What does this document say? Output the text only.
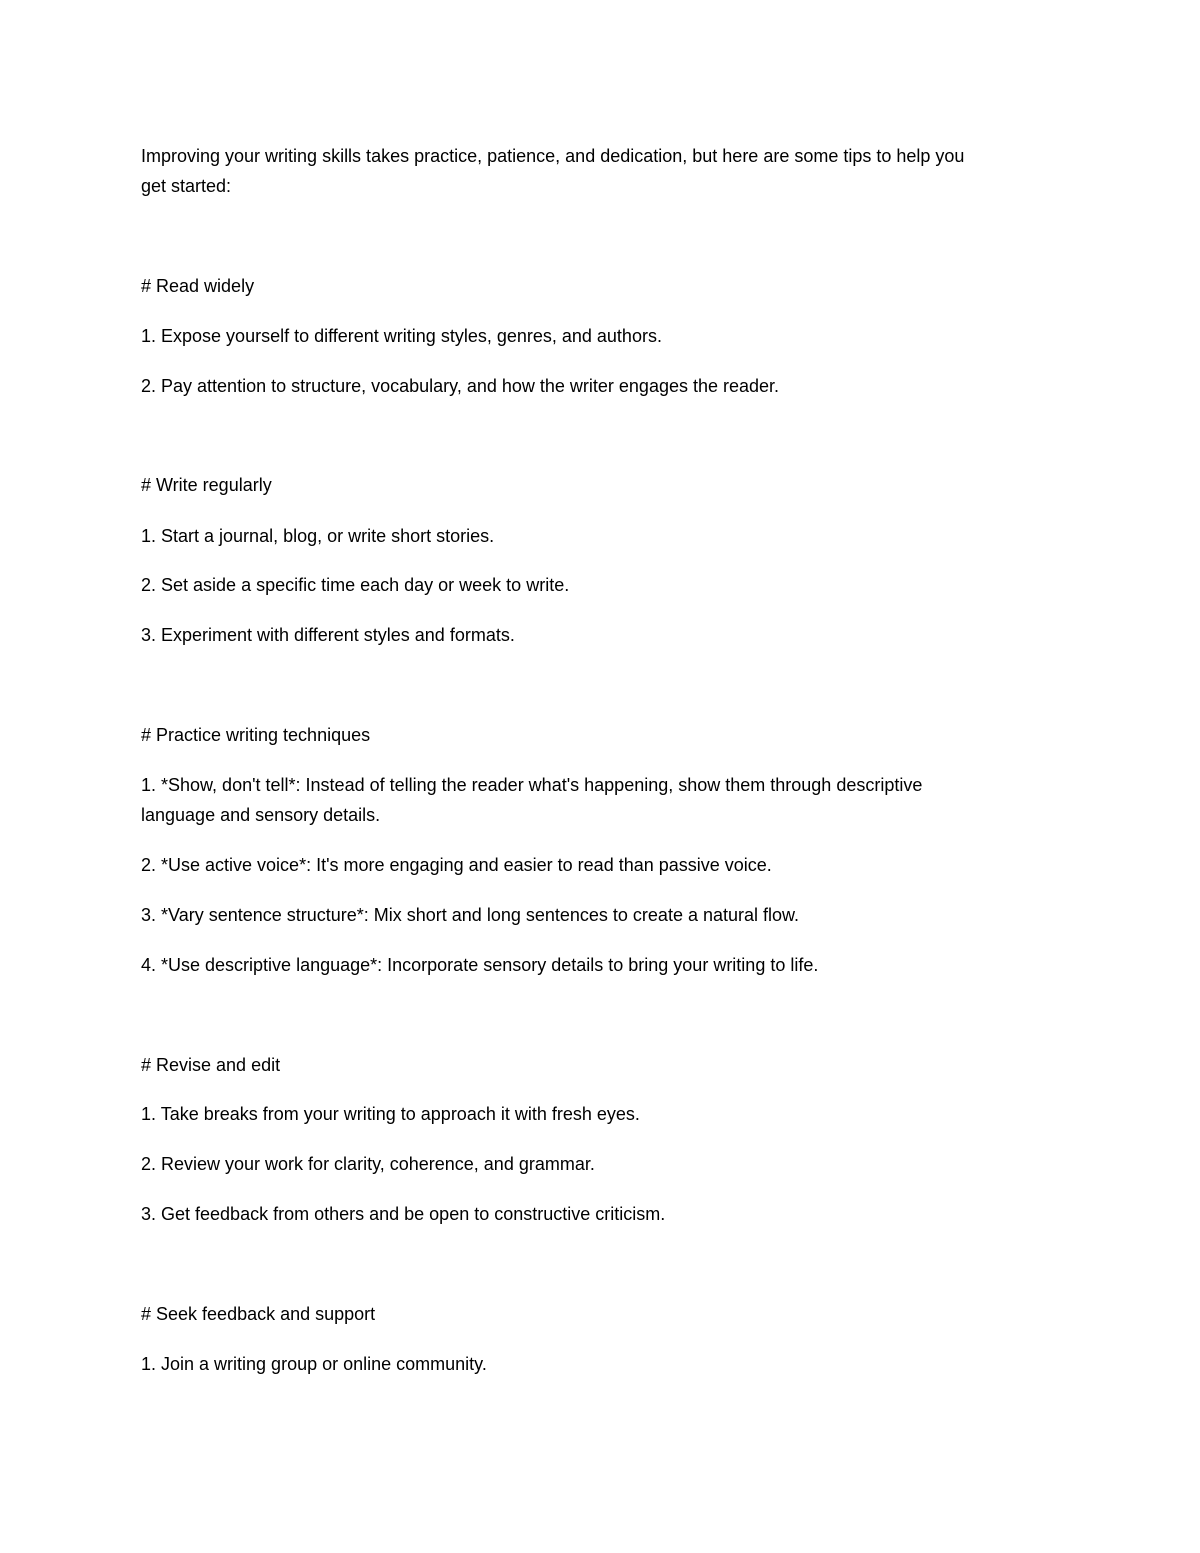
Improving your writing skills takes practice, patience, and dedication, but here are some tips to help you
get started:
# Read widely
1. Expose yourself to different writing styles, genres, and authors.
2. Pay attention to structure, vocabulary, and how the writer engages the reader.
# Write regularly
1. Start a journal, blog, or write short stories.
2. Set aside a specific time each day or week to write.
3. Experiment with different styles and formats.
# Practice writing techniques
1. *Show, don't tell*: Instead of telling the reader what's happening, show them through descriptive
language and sensory details.
2. *Use active voice*: It's more engaging and easier to read than passive voice.
3. *Vary sentence structure*: Mix short and long sentences to create a natural flow.
4. *Use descriptive language*: Incorporate sensory details to bring your writing to life.
# Revise and edit
1. Take breaks from your writing to approach it with fresh eyes.
2. Review your work for clarity, coherence, and grammar.
3. Get feedback from others and be open to constructive criticism.
# Seek feedback and support
1. Join a writing group or online community.
